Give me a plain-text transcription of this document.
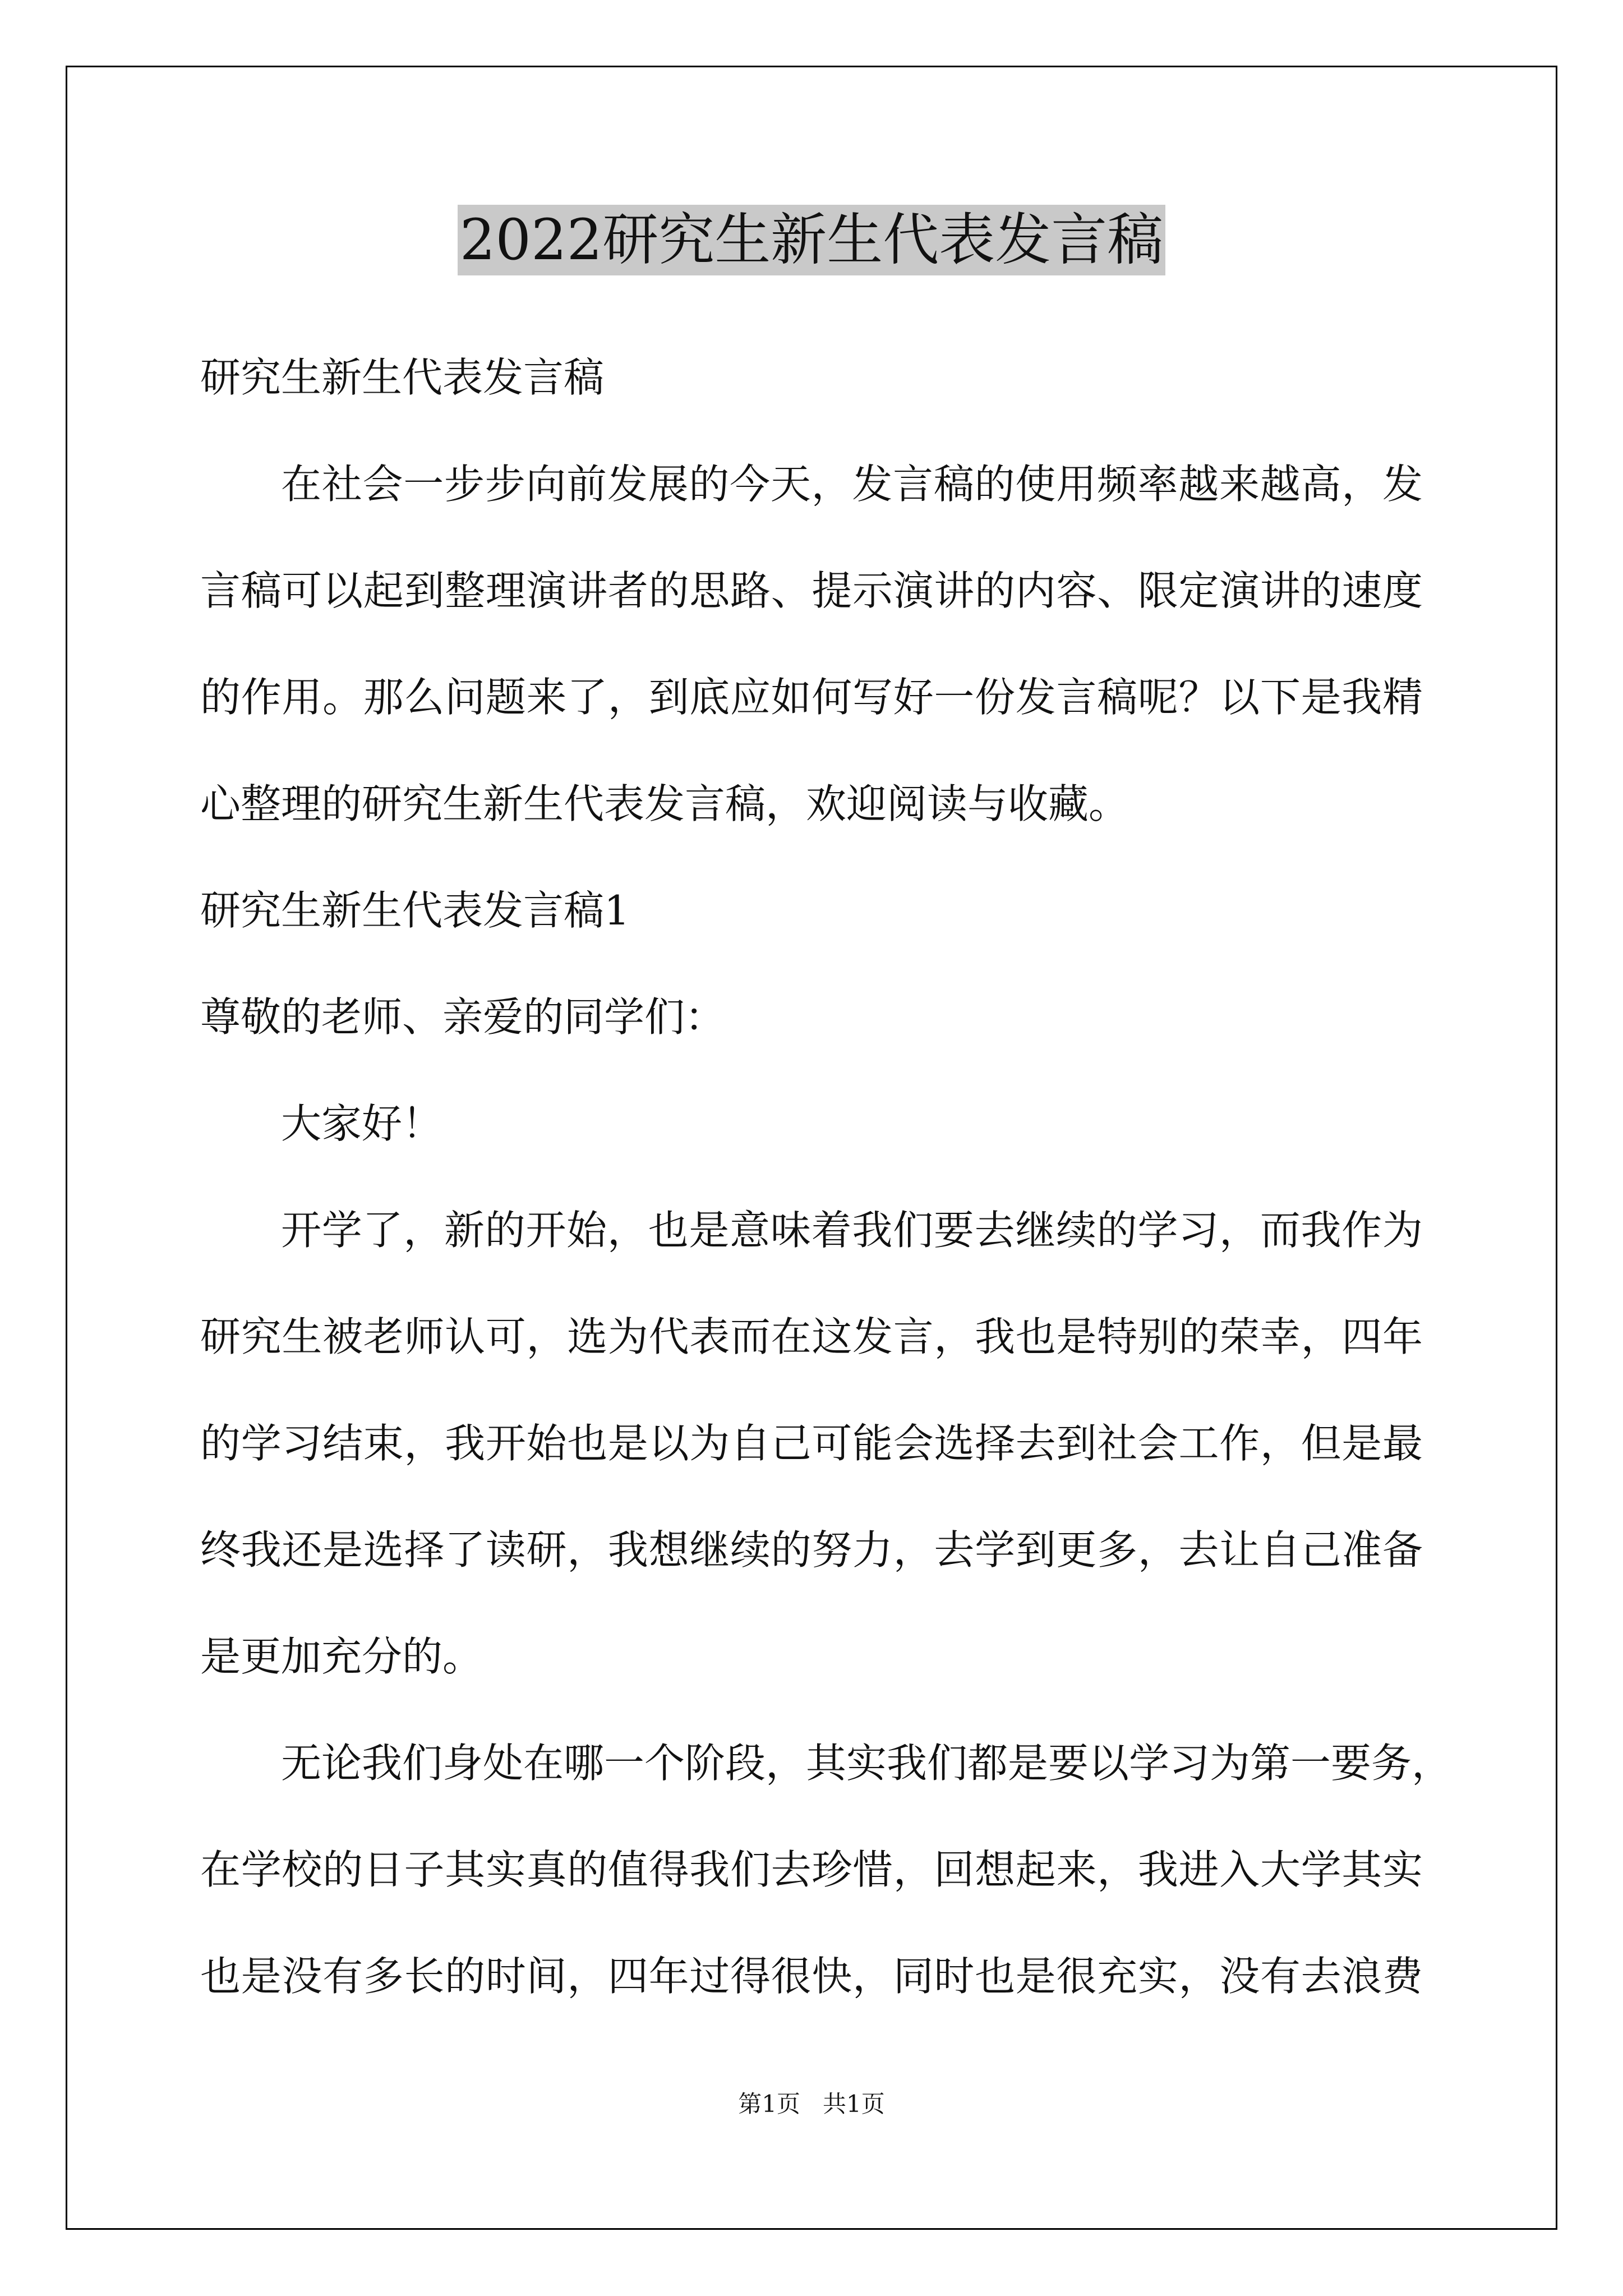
2022研究生新生代表发言稿
研究生新生代表发言稿
在社会一步步向前发展的今天，发言稿的使用频率越来越高，发
言稿可以起到整理演讲者的思路、提示演讲的内容、限定演讲的速度
的作用。那么问题来了，到底应如何写好一份发言稿呢？以下是我精
心整理的研究生新生代表发言稿，欢迎阅读与收藏。
研究生新生代表发言稿1
尊敬的老师、亲爱的同学们：
大家好！
开学了，新的开始，也是意味着我们要去继续的学习，而我作为
研究生被老师认可，选为代表而在这发言，我也是特别的荣幸，四年
的学习结束，我开始也是以为自己可能会选择去到社会工作，但是最
终我还是选择了读研，我想继续的努力，去学到更多，去让自己准备
是更加充分的。
无论我们身处在哪一个阶段，其实我们都是要以学习为第一要务，
在学校的日子其实真的值得我们去珍惜，回想起来，我进入大学其实
也是没有多长的时间，四年过得很快，同时也是很充实，没有去浪费
第1页   共1页
